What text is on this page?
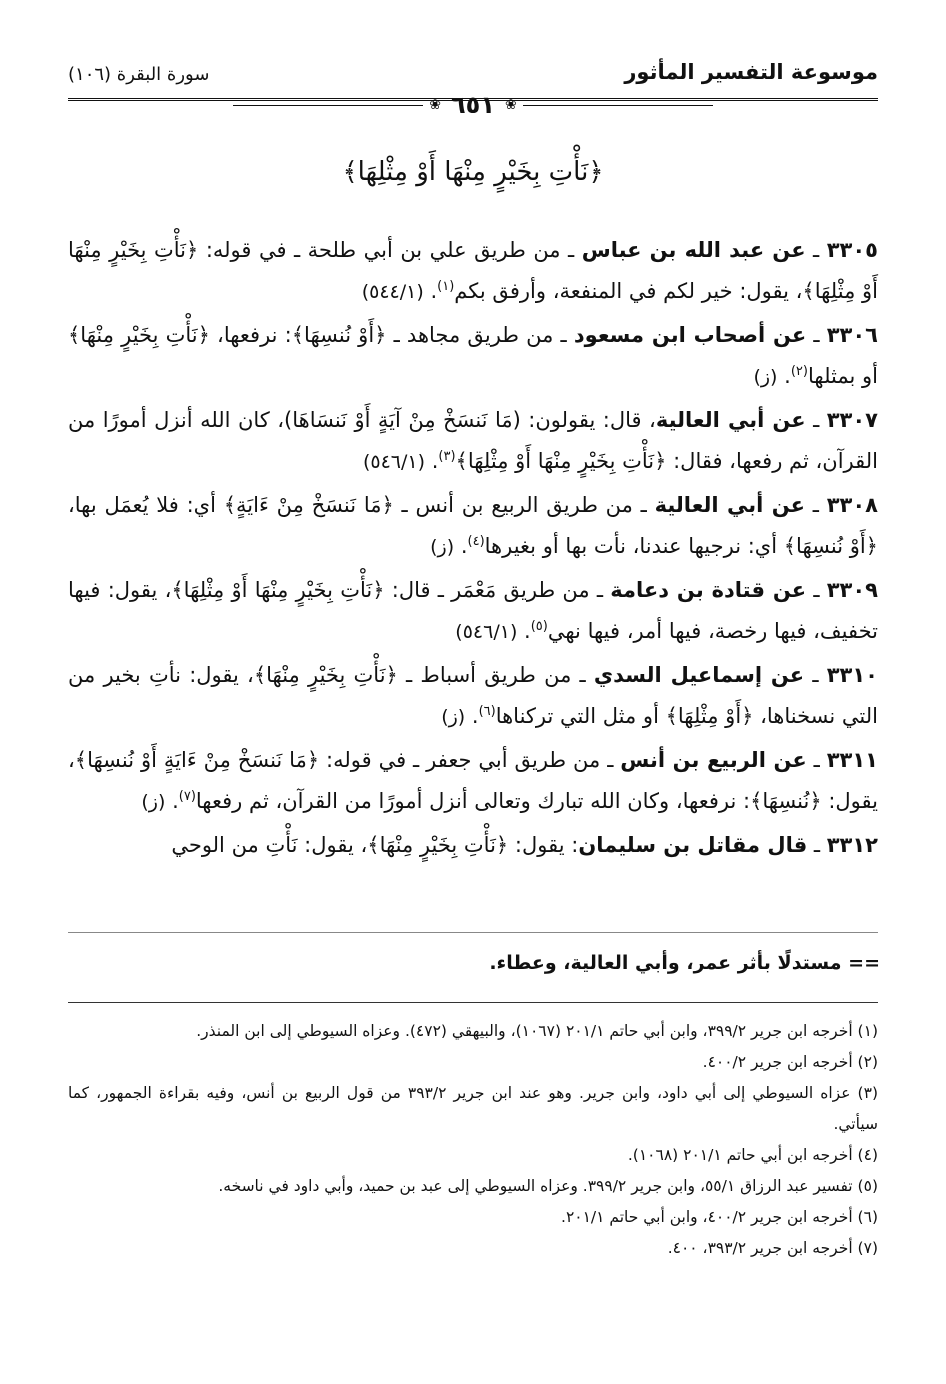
موسوعة التفسير المأثور
سورة البقرة (١٠٦)
❀
٦٥١
❀
﴿نَأْتِ بِخَيْرٍ مِنْهَا أَوْ مِثْلِهَا﴾

٣٣٠٥ ـ عن عبد الله بن عباس ـ من طريق علي بن أبي طلحة ـ في قوله: ﴿نَأْتِ بِخَيْرٍ مِنْهَا أَوْ مِثْلِهَا﴾، يقول: خير لكم في المنفعة، وأرفق بكم$^{(١)}$. (٥٤٤/١)

٣٣٠٦ ـ عن أصحاب ابن مسعود ـ من طريق مجاهد ـ ﴿أَوْ نُنسِهَا﴾: نرفعها، ﴿نَأْتِ بِخَيْرٍ مِنْهَا﴾ أو بمثلها$^{(٢)}$. (ز)

٣٣٠٧ ـ عن أبي العالية، قال: يقولون: (مَا نَنسَخْ مِنْ آيَةٍ أَوْ نَنسَاهَا)، كان الله أنزل أمورًا من القرآن، ثم رفعها، فقال: ﴿نَأْتِ بِخَيْرٍ مِنْهَا أَوْ مِثْلِهَا﴾$^{(٣)}$. (٥٤٦/١)

٣٣٠٨ ـ عن أبي العالية ـ من طريق الربيع بن أنس ـ ﴿مَا نَنسَخْ مِنْ ءَايَةٍ﴾ أي: فلا يُعمَل بها، ﴿أَوْ نُنسِهَا﴾ أي: نرجيها عندنا، نأت بها أو بغيرها$^{(٤)}$. (ز)

٣٣٠٩ ـ عن قتادة بن دعامة ـ من طريق مَعْمَر ـ قال: ﴿نَأْتِ بِخَيْرٍ مِنْهَا أَوْ مِثْلِهَا﴾، يقول: فيها تخفيف، فيها رخصة، فيها أمر، فيها نهي$^{(٥)}$. (٥٤٦/١)

٣٣١٠ ـ عن إسماعيل السدي ـ من طريق أسباط ـ ﴿نَأْتِ بِخَيْرٍ مِنْهَا﴾، يقول: نأتِ بخير من التي نسخناها، ﴿أَوْ مِثْلِهَا﴾ أو مثل التي تركناها$^{(٦)}$. (ز)

٣٣١١ ـ عن الربيع بن أنس ـ من طريق أبي جعفر ـ في قوله: ﴿مَا نَنسَخْ مِنْ ءَايَةٍ أَوْ نُنسِهَا﴾، يقول: ﴿نُنسِهَا﴾: نرفعها، وكان الله تبارك وتعالى أنزل أمورًا من القرآن، ثم رفعها$^{(٧)}$. (ز)

٣٣١٢ ـ قال مقاتل بن سليمان: يقول: ﴿نَأْتِ بِخَيْرٍ مِنْهَا﴾، يقول: نَأْتِ من الوحي

== مستدلًا بأثر عمر، وأبي العالية، وعطاء.

(١) أخرجه ابن جرير ٣٩٩/٢، وابن أبي حاتم ٢٠١/١ (١٠٦٧)، والبيهقي (٤٧٢). وعزاه السيوطي إلى ابن المنذر.

(٢) أخرجه ابن جرير ٤٠٠/٢.

(٣) عزاه السيوطي إلى أبي داود، وابن جرير. وهو عند ابن جرير ٣٩٣/٢ من قول الربيع بن أنس، وفيه بقراءة الجمهور، كما سيأتي.

(٤) أخرجه ابن أبي حاتم ٢٠١/١ (١٠٦٨).

(٥) تفسير عبد الرزاق ٥٥/١، وابن جرير ٣٩٩/٢. وعزاه السيوطي إلى عبد بن حميد، وأبي داود في ناسخه.

(٦) أخرجه ابن جرير ٤٠٠/٢، وابن أبي حاتم ٢٠١/١.

(٧) أخرجه ابن جرير ٣٩٣/٢، ٤٠٠.
